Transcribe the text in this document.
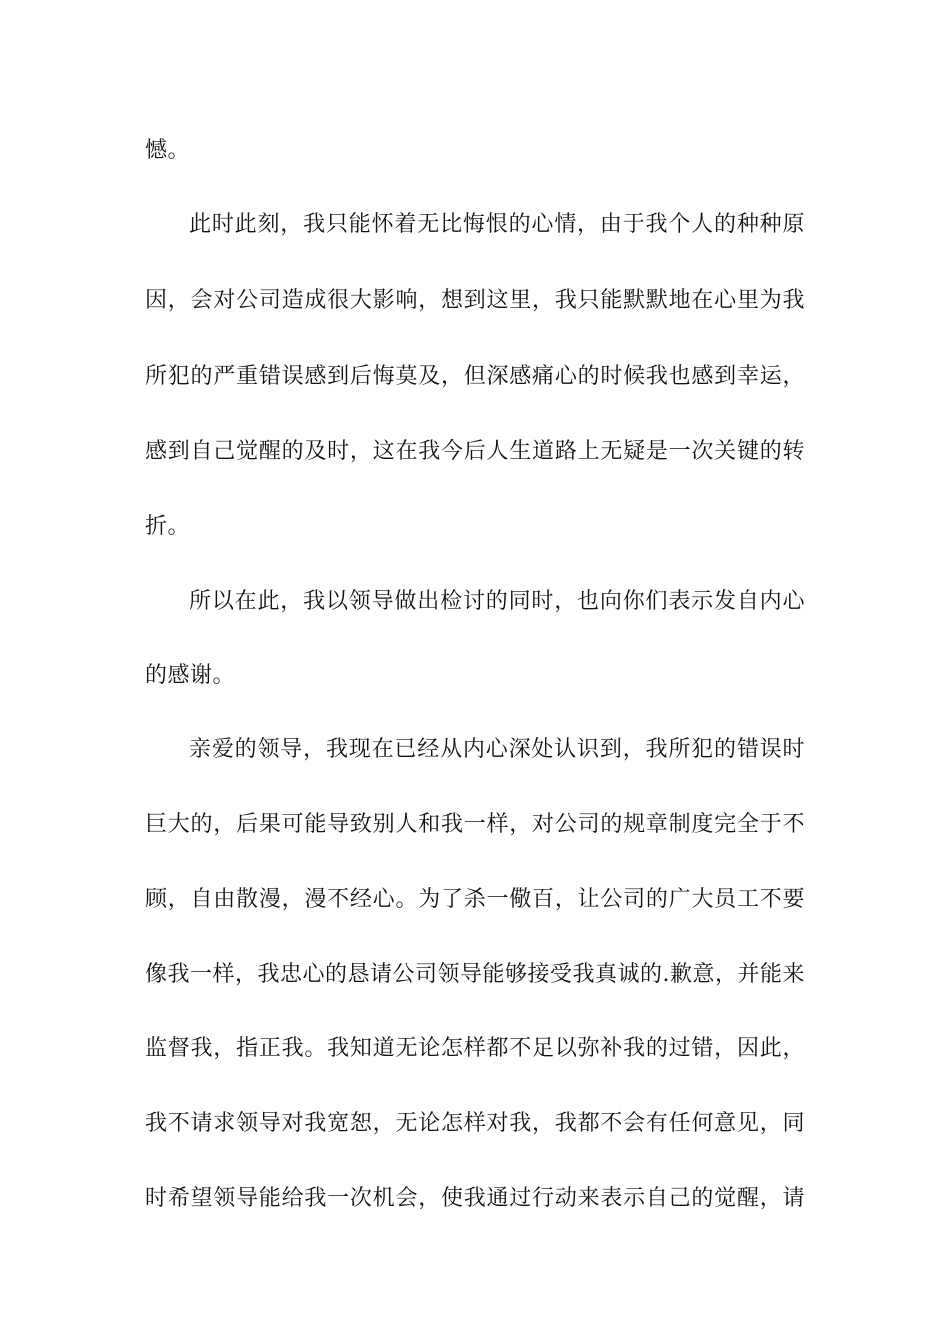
憾。
此时此刻，我只能怀着无比悔恨的心情，由于我个人的种种原
因，会对公司造成很大影响，想到这里，我只能默默地在心里为我
所犯的严重错误感到后悔莫及，但深感痛心的时候我也感到幸运，
感到自己觉醒的及时，这在我今后人生道路上无疑是一次关键的转
折。
所以在此，我以领导做出检讨的同时，也向你们表示发自内心
的感谢。
亲爱的领导，我现在已经从内心深处认识到，我所犯的错误时
巨大的，后果可能导致别人和我一样，对公司的规章制度完全于不
顾，自由散漫，漫不经心。为了杀一儆百，让公司的广大员工不要
像我一样，我忠心的恳请公司领导能够接受我真诚的.歉意，并能来
监督我，指正我。我知道无论怎样都不足以弥补我的过错，因此，
我不请求领导对我宽恕，无论怎样对我，我都不会有任何意见，同
时希望领导能给我一次机会，使我通过行动来表示自己的觉醒，请
